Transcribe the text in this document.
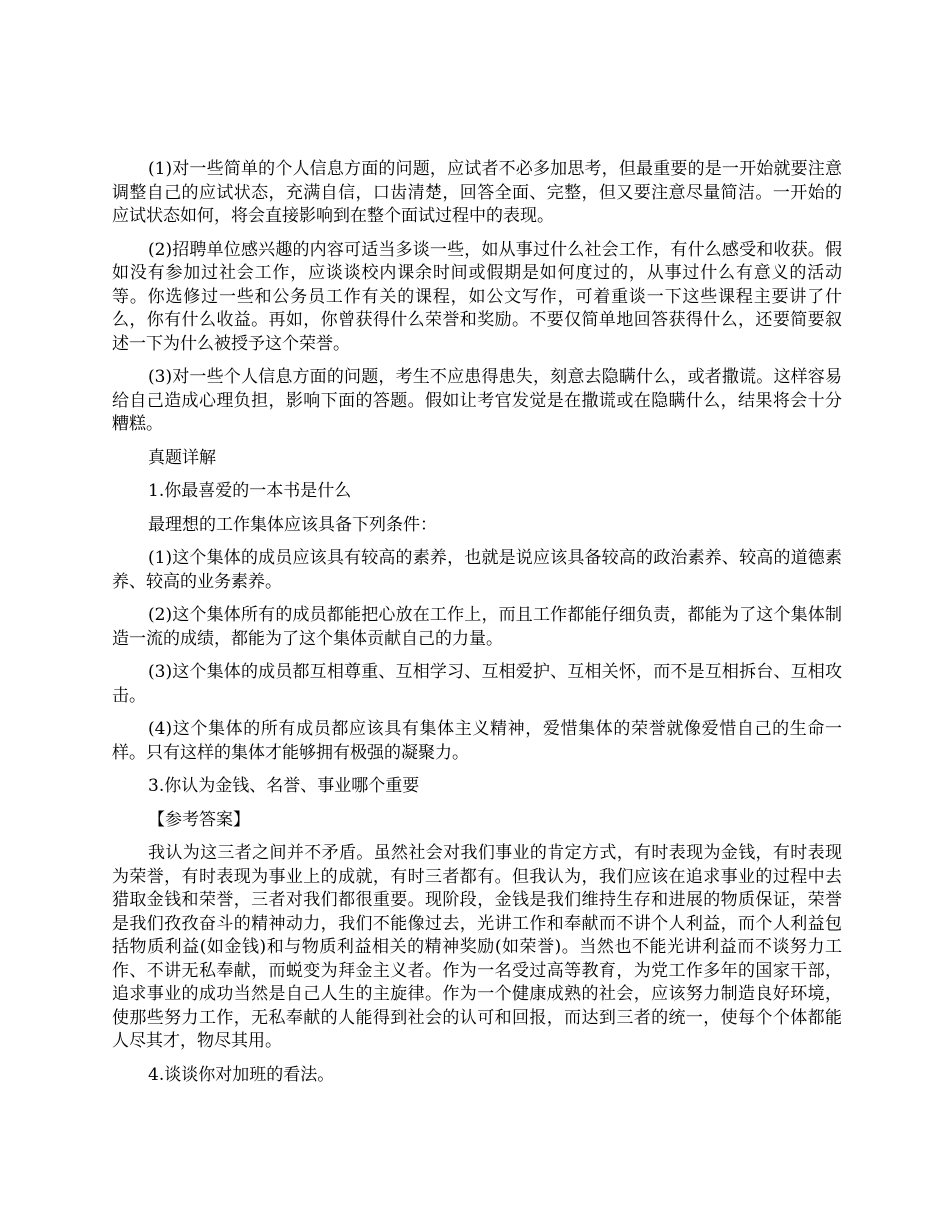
(1)对一些简单的个人信息方面的问题，应试者不必多加思考，但最重要的是一开始就要注意调整自己的应试状态，充满自信，口齿清楚，回答全面、完整，但又要注意尽量简洁。一开始的应试状态如何，将会直接影响到在整个面试过程中的表现。

(2)招聘单位感兴趣的内容可适当多谈一些，如从事过什么社会工作，有什么感受和收获。假如没有参加过社会工作，应谈谈校内课余时间或假期是如何度过的，从事过什么有意义的活动等。你选修过一些和公务员工作有关的课程，如公文写作，可着重谈一下这些课程主要讲了什么，你有什么收益。再如，你曾获得什么荣誉和奖励。不要仅简单地回答获得什么，还要简要叙述一下为什么被授予这个荣誉。

(3)对一些个人信息方面的问题，考生不应患得患失，刻意去隐瞒什么，或者撒谎。这样容易给自己造成心理负担，影响下面的答题。假如让考官发觉是在撒谎或在隐瞒什么，结果将会十分糟糕。

真题详解

1.你最喜爱的一本书是什么

最理想的工作集体应该具备下列条件：

(1)这个集体的成员应该具有较高的素养，也就是说应该具备较高的政治素养、较高的道德素养、较高的业务素养。

(2)这个集体所有的成员都能把心放在工作上，而且工作都能仔细负责，都能为了这个集体制造一流的成绩，都能为了这个集体贡献自己的力量。

(3)这个集体的成员都互相尊重、互相学习、互相爱护、互相关怀，而不是互相拆台、互相攻击。

(4)这个集体的所有成员都应该具有集体主义精神，爱惜集体的荣誉就像爱惜自己的生命一样。只有这样的集体才能够拥有极强的凝聚力。

3.你认为金钱、名誉、事业哪个重要

【参考答案】

我认为这三者之间并不矛盾。虽然社会对我们事业的肯定方式，有时表现为金钱，有时表现为荣誉，有时表现为事业上的成就，有时三者都有。但我认为，我们应该在追求事业的过程中去猎取金钱和荣誉，三者对我们都很重要。现阶段，金钱是我们维持生存和进展的物质保证，荣誉是我们孜孜奋斗的精神动力，我们不能像过去，光讲工作和奉献而不讲个人利益，而个人利益包括物质利益(如金钱)和与物质利益相关的精神奖励(如荣誉)。当然也不能光讲利益而不谈努力工作、不讲无私奉献，而蜕变为拜金主义者。作为一名受过高等教育，为党工作多年的国家干部，追求事业的成功当然是自己人生的主旋律。作为一个健康成熟的社会，应该努力制造良好环境，使那些努力工作，无私奉献的人能得到社会的认可和回报，而达到三者的统一，使每个个体都能人尽其才，物尽其用。

4.谈谈你对加班的看法。
